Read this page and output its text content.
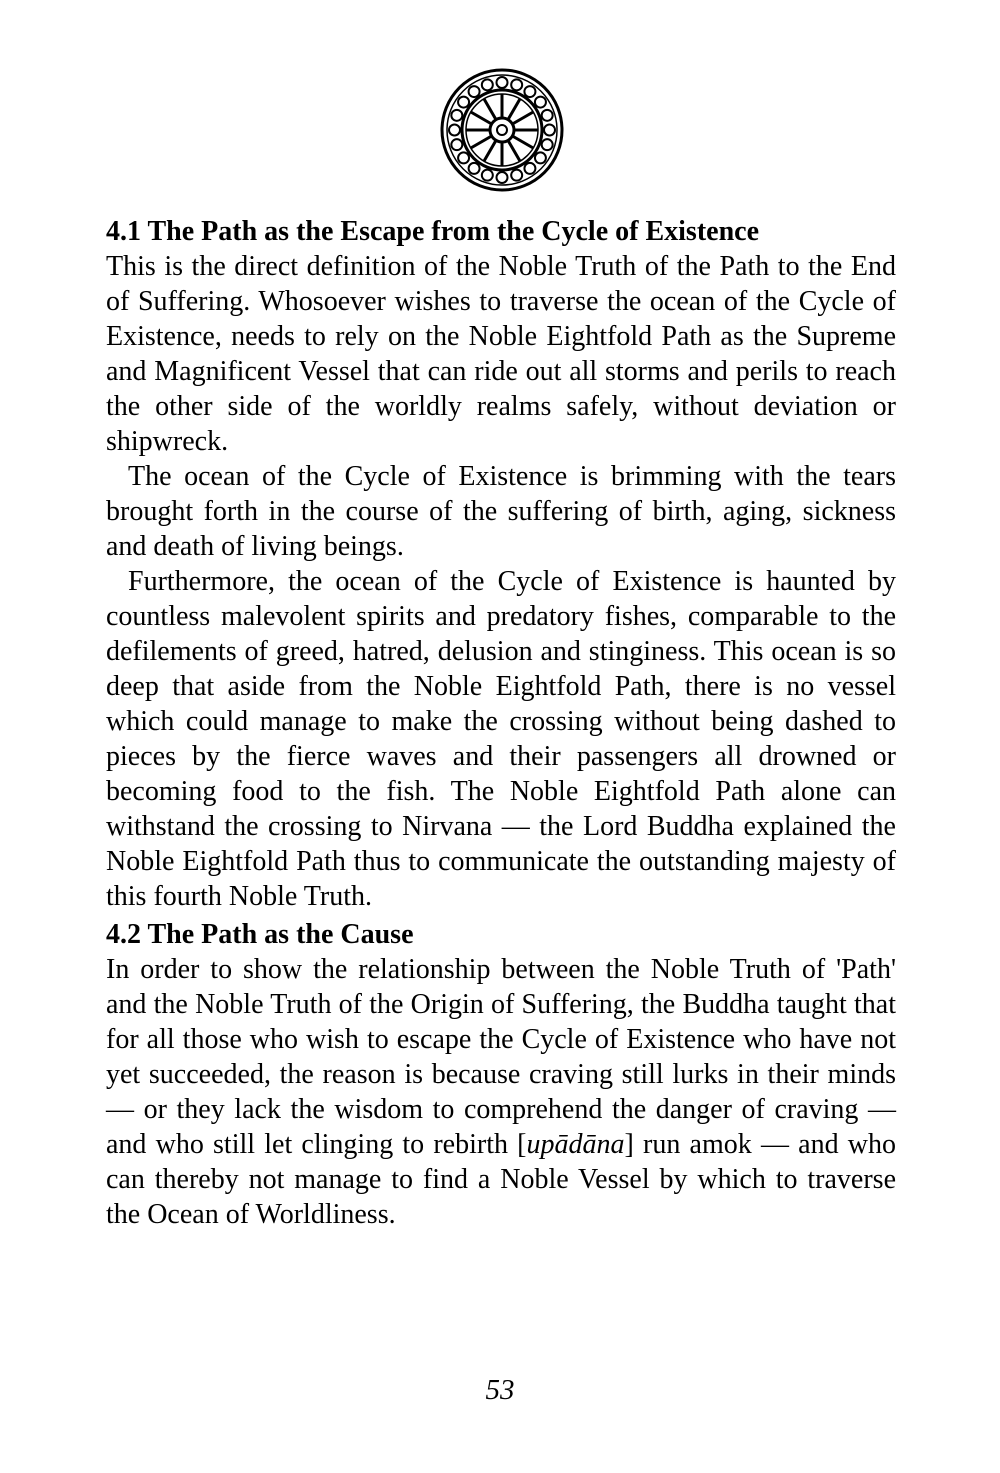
4.1 The Path as the Escape from the Cycle of Existence

This is the direct definition of the Noble Truth of the Path to the End of Suffering. Whosoever wishes to traverse the ocean of the Cycle of Existence, needs to rely on the Noble Eightfold Path as the Supreme and Magnificent Vessel that can ride out all storms and perils to reach the other side of the worldly realms safely, without deviation or shipwreck.

The ocean of the Cycle of Existence is brimming with the tears brought forth in the course of the suffering of birth, aging, sickness and death of living beings.

Furthermore, the ocean of the Cycle of Existence is haunted by countless malevolent spirits and predatory fishes, comparable to the defilements of greed, hatred, delusion and stinginess. This ocean is so deep that aside from the Noble Eightfold Path, there is no vessel which could manage to make the crossing without being dashed to pieces by the fierce waves and their passengers all drowned or becoming food to the fish. The Noble Eightfold Path alone can withstand the crossing to Nirvana — the Lord Buddha explained the Noble Eightfold Path thus to communicate the outstanding majesty of this fourth Noble Truth.

4.2 The Path as the Cause

In order to show the relationship between the Noble Truth of 'Path' and the Noble Truth of the Origin of Suffering, the Buddha taught that for all those who wish to escape the Cycle of Existence who have not yet succeeded, the reason is because craving still lurks in their minds — or they lack the wisdom to comprehend the danger of craving — and who still let clinging to rebirth [upādāna] run amok — and who can thereby not manage to find a Noble Vessel by which to traverse the Ocean of Worldliness.

53
